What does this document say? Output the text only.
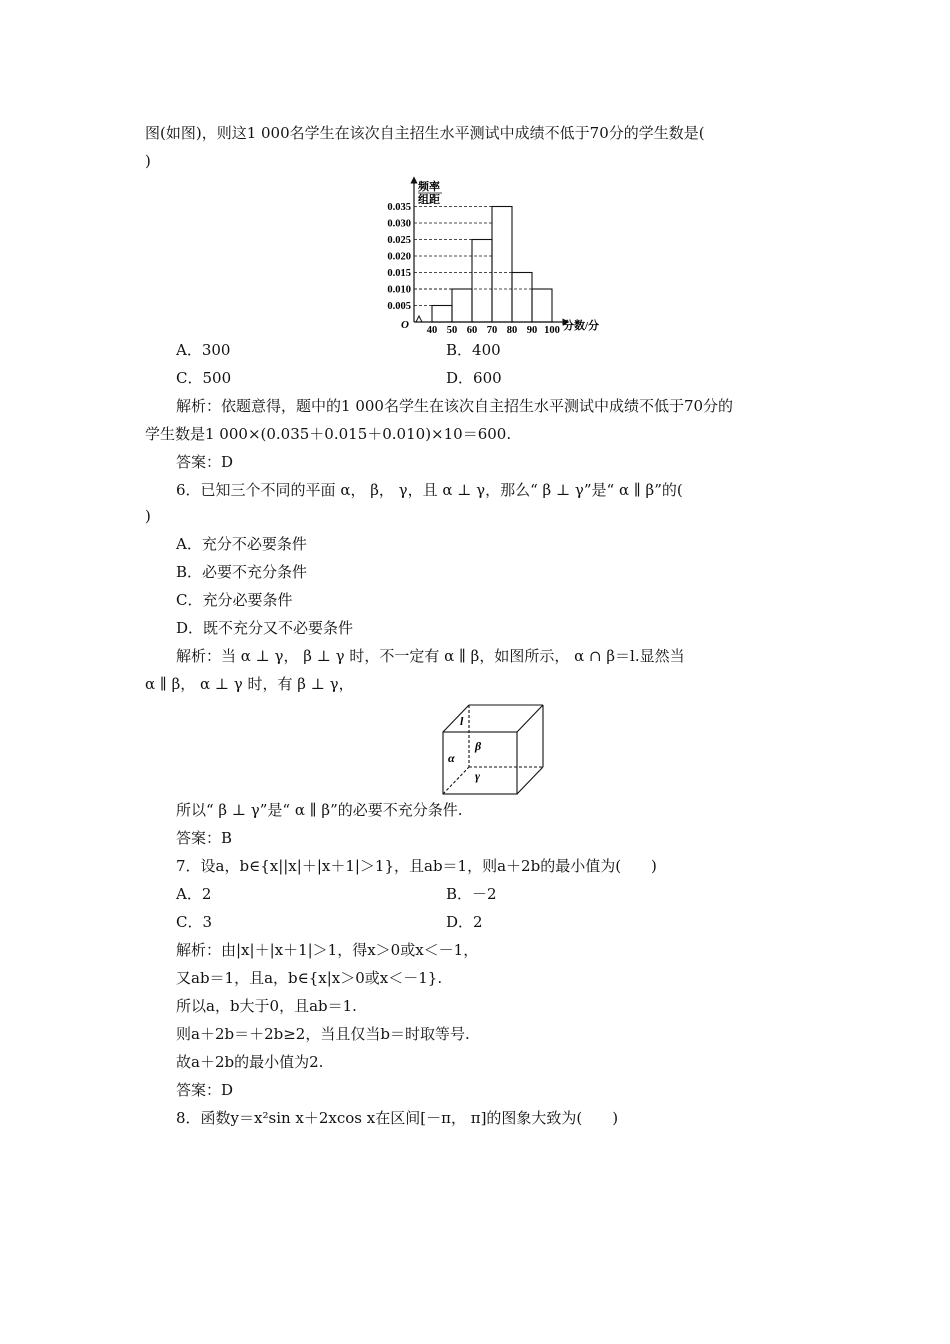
图(如图)，则这1 000名学生在该次自主招生水平测试中成绩不低于70分的学生数是(
)
频率
组距
O	分数/分
0.005
0.010
0.015
0.020
0.025
0.030
0.035
40 50 60 70 80 90 100
A．300	B．400
C．500	D．600
解析：依题意得，题中的1 000名学生在该次自主招生水平测试中成绩不低于70分的
学生数是1 000×(0.035＋0.015＋0.010)×10＝600.
答案：D
6．已知三个不同的平面 α， β， γ，且 α ⊥ γ，那么“ β ⊥ γ”是“ α ∥ β”的(
)
A．充分不必要条件
B．必要不充分条件
C．充分必要条件
D．既不充分又不必要条件
解析：当 α ⊥ γ， β ⊥ γ 时，不一定有 α ∥ β，如图所示， α ∩ β＝l.显然当
α ∥ β， α ⊥ γ 时，有 β ⊥ γ，
l
α
β
γ
所以“ β ⊥ γ”是“ α ∥ β”的必要不充分条件.
答案：B
7．设a，b∈{x||x|＋|x＋1|＞1}，且ab＝1，则a＋2b的最小值为(　　)
A．2	B．－2
C．3	D．2
解析：由|x|＋|x＋1|＞1，得x＞0或x＜－1，
又ab＝1，且a，b∈{x|x＞0或x＜－1}.
所以a，b大于0，且ab＝1.
则a＋2b＝＋2b≥2，当且仅当b＝时取等号.
故a＋2b的最小值为2.
答案：D
8．函数y＝x²sin x＋2xcos x在区间[－π， π]的图象大致为(　　)
